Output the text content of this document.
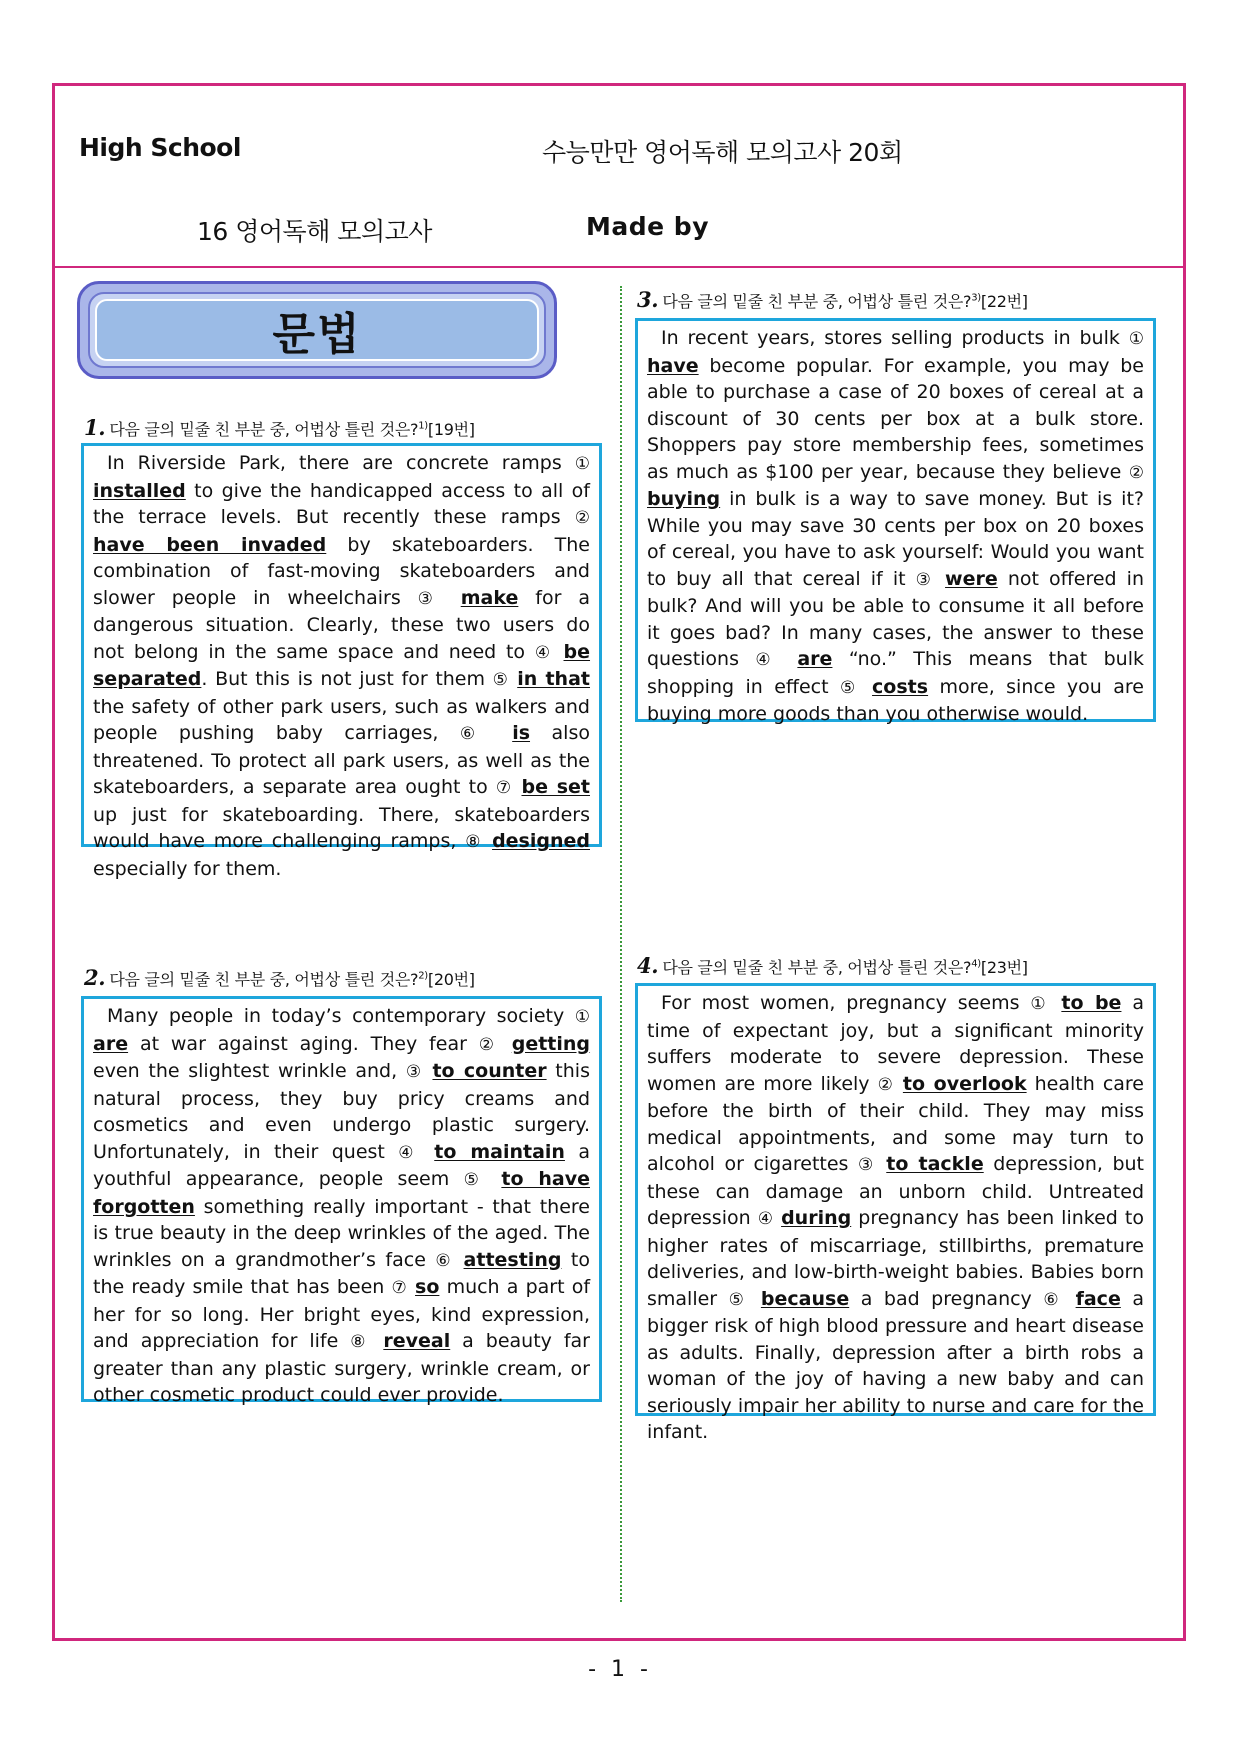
High School	수능만만 영어독해 모의고사 20회
16 영어독해 모의고사	Made by
문법
1. 다음 글의 밑줄 친 부분 중, 어법상 틀린 것은?$^{1)}$[19번]

In Riverside Park, there are concrete ramps ① installed to give the handicapped access to all of the terrace levels. But recently these ramps ② have been invaded by skateboarders. The combination of fast-moving skateboarders and slower people in wheelchairs ③ make for a dangerous situation. Clearly, these two users do not belong in the same space and need to ④ be separated. But this is not just for them ⑤ in that the safety of other park users, such as walkers and people pushing baby carriages, ⑥ is also threatened. To protect all park users, as well as the skateboarders, a separate area ought to ⑦ be set up just for skateboarding. There, skateboarders would have more challenging ramps, ⑧ designed especially for them.

2. 다음 글의 밑줄 친 부분 중, 어법상 틀린 것은?$^{2)}$[20번]

Many people in today’s contemporary society ① are at war against aging. They fear ② getting even the slightest wrinkle and, ③ to counter this natural process, they buy pricy creams and cosmetics and even undergo plastic surgery. Unfortunately, in their quest ④ to maintain a youthful appearance, people seem ⑤ to have forgotten something really important - that there is true beauty in the deep wrinkles of the aged. The wrinkles on a grandmother’s face ⑥ attesting to the ready smile that has been ⑦ so much a part of her for so long. Her bright eyes, kind expression, and appreciation for life ⑧ reveal a beauty far greater than any plastic surgery, wrinkle cream, or other cosmetic product could ever provide.

3. 다음 글의 밑줄 친 부분 중, 어법상 틀린 것은?$^{3)}$[22번]

In recent years, stores selling products in bulk ① have become popular. For example, you may be able to purchase a case of 20 boxes of cereal at a discount of 30 cents per box at a bulk store. Shoppers pay store membership fees, sometimes as much as $100 per year, because they believe ② buying in bulk is a way to save money. But is it? While you may save 30 cents per box on 20 boxes of cereal, you have to ask yourself: Would you want to buy all that cereal if it ③ were not offered in bulk? And will you be able to consume it all before it goes bad? In many cases, the answer to these questions ④ are “no.” This means that bulk shopping in effect ⑤ costs more, since you are buying more goods than you otherwise would.

4. 다음 글의 밑줄 친 부분 중, 어법상 틀린 것은?$^{4)}$[23번]

For most women, pregnancy seems ① to be a time of expectant joy, but a significant minority suffers moderate to severe depression. These women are more likely ② to overlook health care before the birth of their child. They may miss medical appointments, and some may turn to alcohol or cigarettes ③ to tackle depression, but these can damage an unborn child. Untreated depression ④ during pregnancy has been linked to higher rates of miscarriage, stillbirths, premature deliveries, and low-birth-weight babies. Babies born smaller ⑤ because a bad pregnancy ⑥ face a bigger risk of high blood pressure and heart disease as adults. Finally, depression after a birth robs a woman of the joy of having a new baby and can seriously impair her ability to nurse and care for the infant.

- 1 -
